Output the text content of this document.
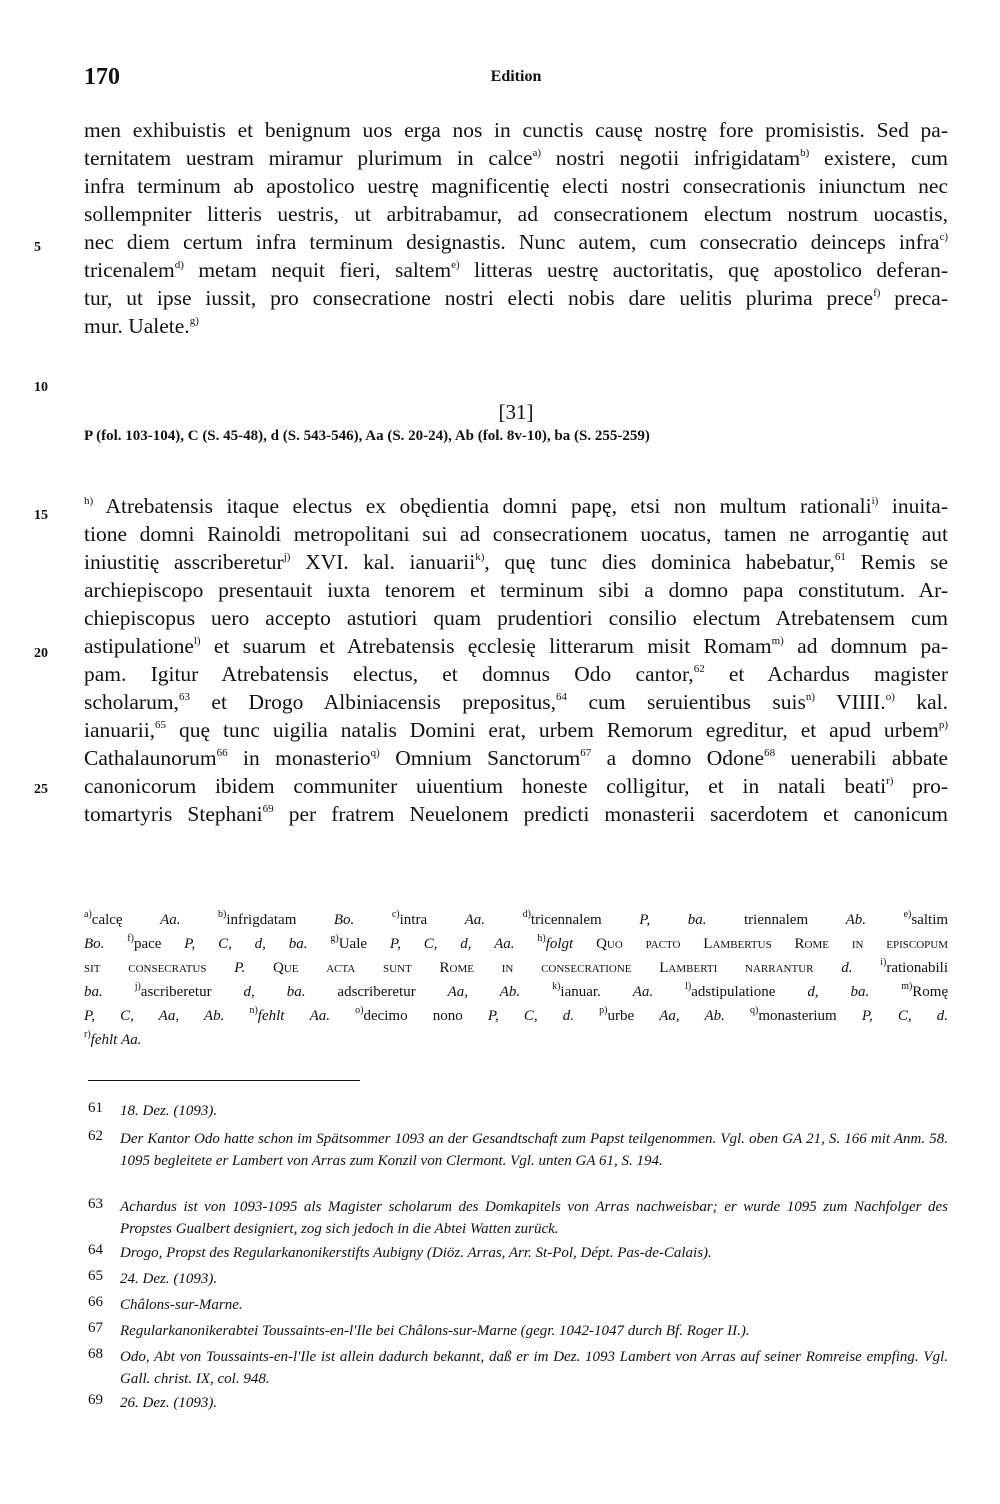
170	Edition
5
10
15
20
25
men exhibuistis et benignum uos erga nos in cunctis causę nostrę fore promisistis. Sed pa-
ternitatem uestram miramur plurimum in calce$^{a)}$ nostri negotii infrigidatam$^{b)}$ existere, cum
infra terminum ab apostolico uestrę magnificentię electi nostri consecrationis iniunctum nec
sollempniter litteris uestris, ut arbitrabamur, ad consecrationem electum nostrum uocastis,
nec diem certum infra terminum designastis. Nunc autem, cum consecratio deinceps infra$^{c)}$
tricenalem$^{d)}$ metam nequit fieri, saltem$^{e)}$ litteras uestrę auctoritatis, quę apostolico deferan-
tur, ut ipse iussit, pro consecratione nostri electi nobis dare uelitis plurima prece$^{f)}$ preca-
mur. Ualete.$^{g)}$
[31]
P (fol. 103-104), C (S. 45-48), d (S. 543-546), Aa (S. 20-24), Ab (fol. 8v-10), ba (S. 255-259)
$^{h)}$ Atrebatensis itaque electus ex obędientia domni papę, etsi non multum rationali$^{i)}$ inuita-
tione domni Rainoldi metropolitani sui ad consecrationem uocatus, tamen ne arrogantię aut
iniustitię asscriberetur$^{j)}$ XVI. kal. ianuarii$^{k)}$, quę tunc dies dominica habebatur,$^{61}$ Remis se
archiepiscopo presentauit iuxta tenorem et terminum sibi a domno papa constitutum. Ar-
chiepiscopus uero accepto astutiori quam prudentiori consilio electum Atrebatensem cum
astipulatione$^{l)}$ et suarum et Atrebatensis ęcclesię litterarum misit Romam$^{m)}$ ad domnum pa-
pam. Igitur Atrebatensis electus, et domnus Odo cantor,$^{62}$ et Achardus magister
scholarum,$^{63}$ et Drogo Albiniacensis prepositus,$^{64}$ cum seruientibus suis$^{n)}$ VIIII.$^{o)}$ kal.
ianuarii,$^{65}$ quę tunc uigilia natalis Domini erat, urbem Remorum egreditur, et apud urbem$^{p)}$
Cathalaunorum$^{66}$ in monasterio$^{q)}$ Omnium Sanctorum$^{67}$ a domno Odone$^{68}$ uenerabili abbate
canonicorum ibidem communiter uiuentium honeste colligitur, et in natali beati$^{r)}$ pro-
tomartyris Stephani$^{69}$ per fratrem Neuelonem predicti monasterii sacerdotem et canonicum
$^{a)}$calcę	Aa.	$^{b)}$infrigdatam	Bo.	$^{c)}$intra	Aa.	$^{d)}$tricennalem	P, ba.	triennalem	Ab.	$^{e)}$saltim
Bo. $^{f)}$pace P, C, d, ba. $^{g)}$Uale P, C, d, Aa. $^{h)}$folgt Quo pacto Lambertus Rome in episcopum
sit consecratus P. Que acta sunt Rome in consecratione Lamberti narrantur d.	$^{i)}$rationabili
ba.	$^{j)}$ascriberetur d, ba. adscriberetur Aa, Ab.	$^{k)}$ianuar. Aa.	$^{l)}$adstipulatione d, ba.	$^{m)}$Romę
P, C, Aa, Ab.	$^{n)}$fehlt Aa.	$^{o)}$decimo nono P, C, d.	$^{p)}$urbe Aa, Ab.	$^{q)}$monasterium P, C, d.
$^{r)}$fehlt Aa.
61 18. Dez. (1093).
62 Der Kantor Odo hatte schon im Spätsommer 1093 an der Gesandtschaft zum Papst teilgenommen. Vgl. oben GA 21, S. 166 mit Anm. 58. 1095 begleitete er Lambert von Arras zum Konzil von Clermont. Vgl. unten GA 61, S. 194.
63 Achardus ist von 1093-1095 als Magister scholarum des Domkapitels von Arras nachweisbar; er wurde 1095 zum Nachfolger des Propstes Gualbert designiert, zog sich jedoch in die Abtei Watten zurück.
64 Drogo, Propst des Regularkanonikerstifts Aubigny (Diöz. Arras, Arr. St-Pol, Dépt. Pas-de-Calais).
65 24. Dez. (1093).
66 Châlons-sur-Marne.
67 Regularkanonikerabtei Toussaints-en-l'Ile bei Châlons-sur-Marne (gegr. 1042-1047 durch Bf. Roger II.).
68 Odo, Abt von Toussaints-en-l'Ile ist allein dadurch bekannt, daß er im Dez. 1093 Lambert von Arras auf seiner Romreise empfing. Vgl. Gall. christ. IX, col. 948.
69 26. Dez. (1093).
